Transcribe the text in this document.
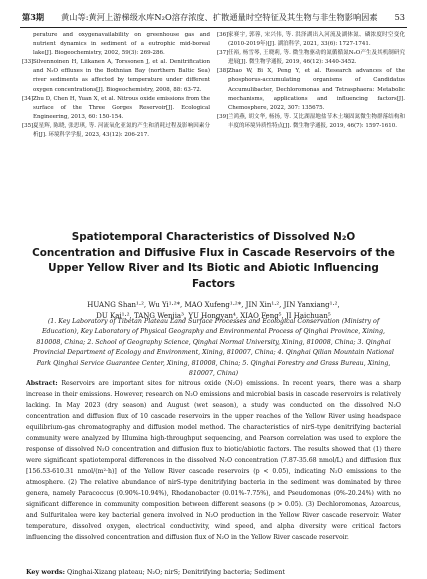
第3期 黄山等:黄河上游梯级水库N₂O溶存浓度、扩散通量时空特征及其生物与非生物影响因素 53
perature and oxygenavailability on greenhouse gas and nutrient dynamics in sediment of a eutrophic mid-boreal lake[J]. Biogeochemistry, 2002, 59(3): 269-286.
[33] Silvennoinen H, Liikanen A, Torssonen J, et al. Denitrification and N₂O effluxes in the Bothnian Bay (northern Baltic Sea) river sediments as affected by temperature under different oxygen concentrations[J]. Biogeochemistry, 2008, 88: 63-72.
[34] Zhu D, Chen H, Yuan X, et al. Nitrous oxide emissions from the surface of the Three Gorges Reservoir[J]. Ecological Engineering, 2013, 60: 150-154.
[35] 夏星辉, 陈晓, 张思琪, 等. 河流氧化亚氮的产生和消耗过程及影响因素分析[J]. 环境科学学报, 2023, 43(12): 206-217.
[36] 家赛宇, 郭蓉, 宋兴伟, 等. 洪泽湖出入河流及湖体氮、磷浓度时空变化(2010-2019年)[J]. 湖泊科学, 2021, 33(6): 1727-1741.
[37] 任裕, 杨雪琴, 王晓莉, 等. 微生物驱动的氮循循氮N₂O产生及其机制研究进展[J]. 微生物学通报, 2019, 46(12): 3440-3452.
[38] Zhao W, Bi X, Peng Y, et al. Research advances of the phosphorus-accumulating organisms of Candidatus Accumulibacter, Dechloromonas and Tetrasphaera: Metabolic mechanisms, applications and influencing factors[J]. Chemosphere, 2022, 307: 135675.
[39] 兰鸿燕, 胡文华, 杨扬, 等. 艾比湖湿地盐节木土壤固氮微生物群落结构和丰度的环境异质性特点[J]. 微生物学通报, 2019, 46(7): 1597-1610.
Spatiotemporal Characteristics of Dissolved N₂O Concentration and Diffusive Flux in Cascade Reservoirs of the Upper Yellow River and Its Biotic and Abiotic Influencing Factors
HUANG Shan¹·², Wu Yi¹·²*, MAO Xufeng¹·²*, JIN Xin¹·², JIN Yanxiang¹·²,
DU Kai¹·², TANG Wenjia³, YU Hongyan⁴, XIAO Feng⁵, JI Haichuan⁵
(1. Key Laboratory of Tibetan Plateau Land Surface Processes and Ecological Conservation (Ministry of Education), Key Laboratory of Physical Geography and Environmental Process of Qinghai Province, Xining, 810008, China; 2. School of Geography Science, Qinghai Normal University, Xining, 810008, China; 3. Qinghai Provincial Department of Ecology and Environment, Xining, 810007, China; 4. Qinghai Qilian Mountain National Park Qinghai Service Guarantee Center, Xining, 810008, China; 5. Qinghai Forestry and Grass Bureau, Xining, 810007, China)
Abstract: Reservoirs are important sites for nitrous oxide (N₂O) emissions. In recent years, there was a sharp increase in their emissions. However, research on N₂O emissions and microbial basis in cascade reservoirs is relatively lacking. In May 2023 (dry season) and August (wet season), a study was conducted on the dissolved N₂O concentration and diffusion flux of 10 cascade reservoirs in the upper reaches of the Yellow River using headspace equilibrium-gas chromatography and diffusion model method. The characteristics of nirS-type denitrifying bacterial community were analyzed by Illumina high-throughput sequencing, and Pearson correlation was used to explore the response of dissolved N₂O concentration and diffusion flux to biotic/abiotic factors. The results showed that (1) there were significant spatiotemporal differences in the dissolved N₂O concentration (7.87-35.68 nmol/L) and diffusion flux [156.53-610.31 nmol/(m²·h)] of the Yellow River cascade reservoirs (p < 0.05), indicating N₂O emissions to the atmosphere. (2) The relative abundance of nirS-type denitrifying bacteria in the sediment was dominated by three genera, namely Paracoccus (0.90%-10.94%), Rhodanobacter (0.01%-7.75%), and Pseudomonas (0%-20.24%) with no significant difference in community composition between different seasons (p > 0.05). (3) Dechloromonas, Azoarcus, and Sulfuritalea were key bacterial genera involved in N₂O production in the Yellow River cascade reservoir. Water temperature, dissolved oxygen, electrical conductivity, wind speed, and alpha diversity were critical factors influencing the dissolved concentration and diffusion flux of N₂O in the Yellow River cascade reservoir.
Key words: Qinghai-Xizang plateau; N₂O; nirS; Denitrifying bacteria; Sediment
